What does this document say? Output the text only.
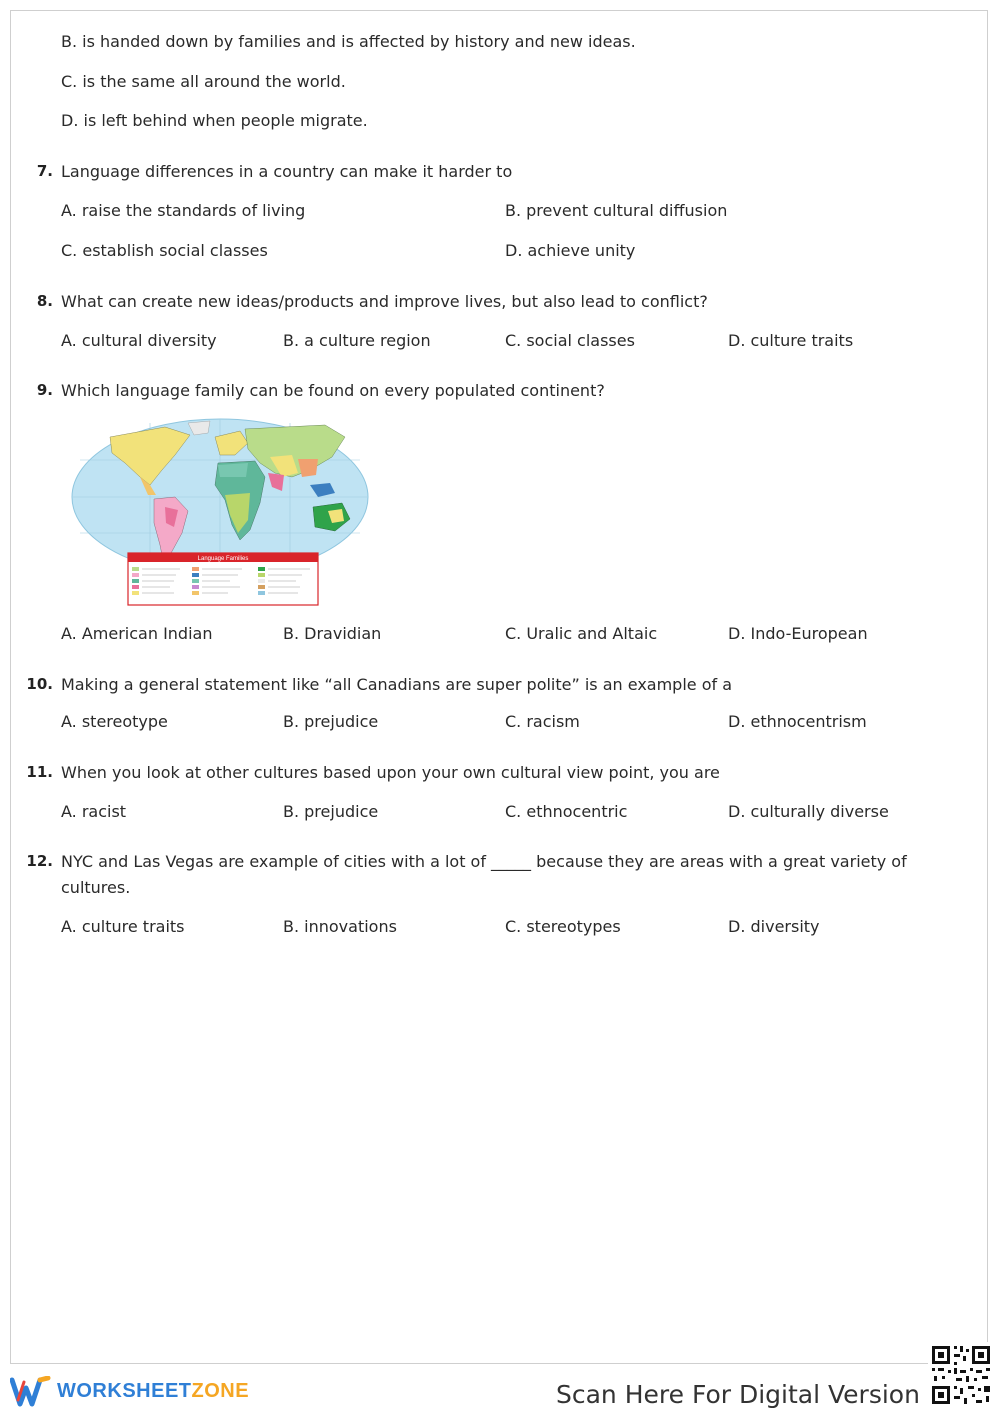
B. is handed down by families and is affected by history and new ideas.
C. is the same all around the world.
D. is left behind when people migrate.
7. Language differences in a country can make it harder to
A. raise the standards of living	B. prevent cultural diffusion
C. establish social classes	D. achieve unity
8. What can create new ideas/products and improve lives, but also lead to conflict?
A. cultural diversity	B. a culture region	C. social classes	D. culture traits
9. Which language family can be found on every populated continent?
Language Families
A. American Indian	B. Dravidian	C. Uralic and Altaic	D. Indo-European
10. Making a general statement like “all Canadians are super polite” is an example of a
A. stereotype	B. prejudice	C. racism	D. ethnocentrism
11. When you look at other cultures based upon your own cultural view point, you are
A. racist	B. prejudice	C. ethnocentric	D. culturally diverse
12. NYC and Las Vegas are example of cities with a lot of _____ because they are areas with a great variety of
cultures.
A. culture traits	B. innovations	C. stereotypes	D. diversity
WORKSHEETZONE	Scan Here For Digital Version
